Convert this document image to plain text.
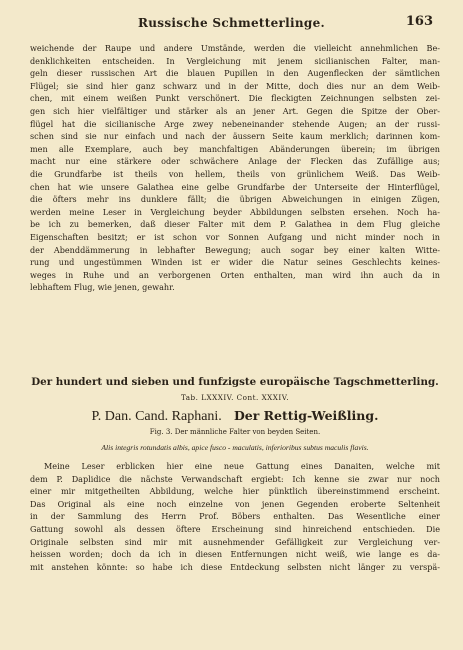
Russische Schmetterlinge.	163
weichende der Raupe und andere Umstände, werden die vielleicht annehmlichen Be-
denklichkeiten entscheiden. In Vergleichung mit jenem sicilianischen Falter, man-
geln dieser russischen Art die blauen Pupillen in den Augenflecken der sämtlichen
Flügel; sie sind hier ganz schwarz und in der Mitte, doch dies nur an dem Weib-
chen, mit einem weißen Punkt verschönert. Die fleckigten Zeichnungen selbsten zei-
gen sich hier vielfältiger und stärker als an jener Art. Gegen die Spitze der Ober-
flügel hat die sicilianische Arge zwey nebeneinander stehende Augen; an der russi-
schen sind sie nur einfach und nach der äussern Seite kaum merklich; darinnen kom-
men alle Exemplare, auch bey manchfaltigen Abänderungen überein; im übrigen
macht nur eine stärkere oder schwächere Anlage der Flecken das Zufällige aus;
die Grundfarbe ist theils von hellem, theils von grünlichem Weiß. Das Weib-
chen hat wie unsere Galathea eine gelbe Grundfarbe der Unterseite der Hinterflügel,
die öfters mehr ins dunklere fällt; die übrigen Abweichungen in einigen Zügen,
werden meine Leser in Vergleichung beyder Abbildungen selbsten ersehen. Noch ha-
be ich zu bemerken, daß dieser Falter mit dem P. Galathea in dem Flug gleiche
Eigenschaften besitzt; er ist schon vor Sonnen Aufgang und nicht minder noch in
der Abenddämmerung in lebhafter Bewegung; auch sogar bey einer kalten Witte-
rung und ungestümmen Winden ist er wider die Natur seines Geschlechts keines-
weges in Ruhe und an verborgenen Orten enthalten, man wird ihn auch da in
lebhaftem Flug, wie jenen, gewahr.
Der hundert und sieben und funfzigste europäische Tagschmetterling.
Tab. LXXXIV. Cont. XXXIV.
P. Dan. Cand. Raphani. Der Rettig-Weißling.
Fig. 3. Der männliche Falter von beyden Seiten.
Alis integris rotundatis albis, apice fusco - maculatis, inferioribus subtus maculis flavis.
Meine Leser erblicken hier eine neue Gattung eines Danaiten, welche mit
dem P. Daplidice die nächste Verwandschaft ergiebt: Ich kenne sie zwar nur noch
einer mir mitgetheilten Abbildung, welche hier pünktlich übereinstimmend erscheint.
Das Original als eine noch einzelne von jenen Gegenden eroberte Seltenheit
in der Sammlung des Herrn Prof. Böbers enthalten. Das Wesentliche einer
Gattung sowohl als dessen öftere Erscheinung sind hinreichend entschieden. Die
Originale selbsten sind mir mit ausnehmender Gefälligkeit zur Vergleichung ver-
heissen worden; doch da ich in diesen Entfernungen nicht weiß, wie lange es da-
mit anstehen könnte: so habe ich diese Entdeckung selbsten nicht länger zu verspä-
